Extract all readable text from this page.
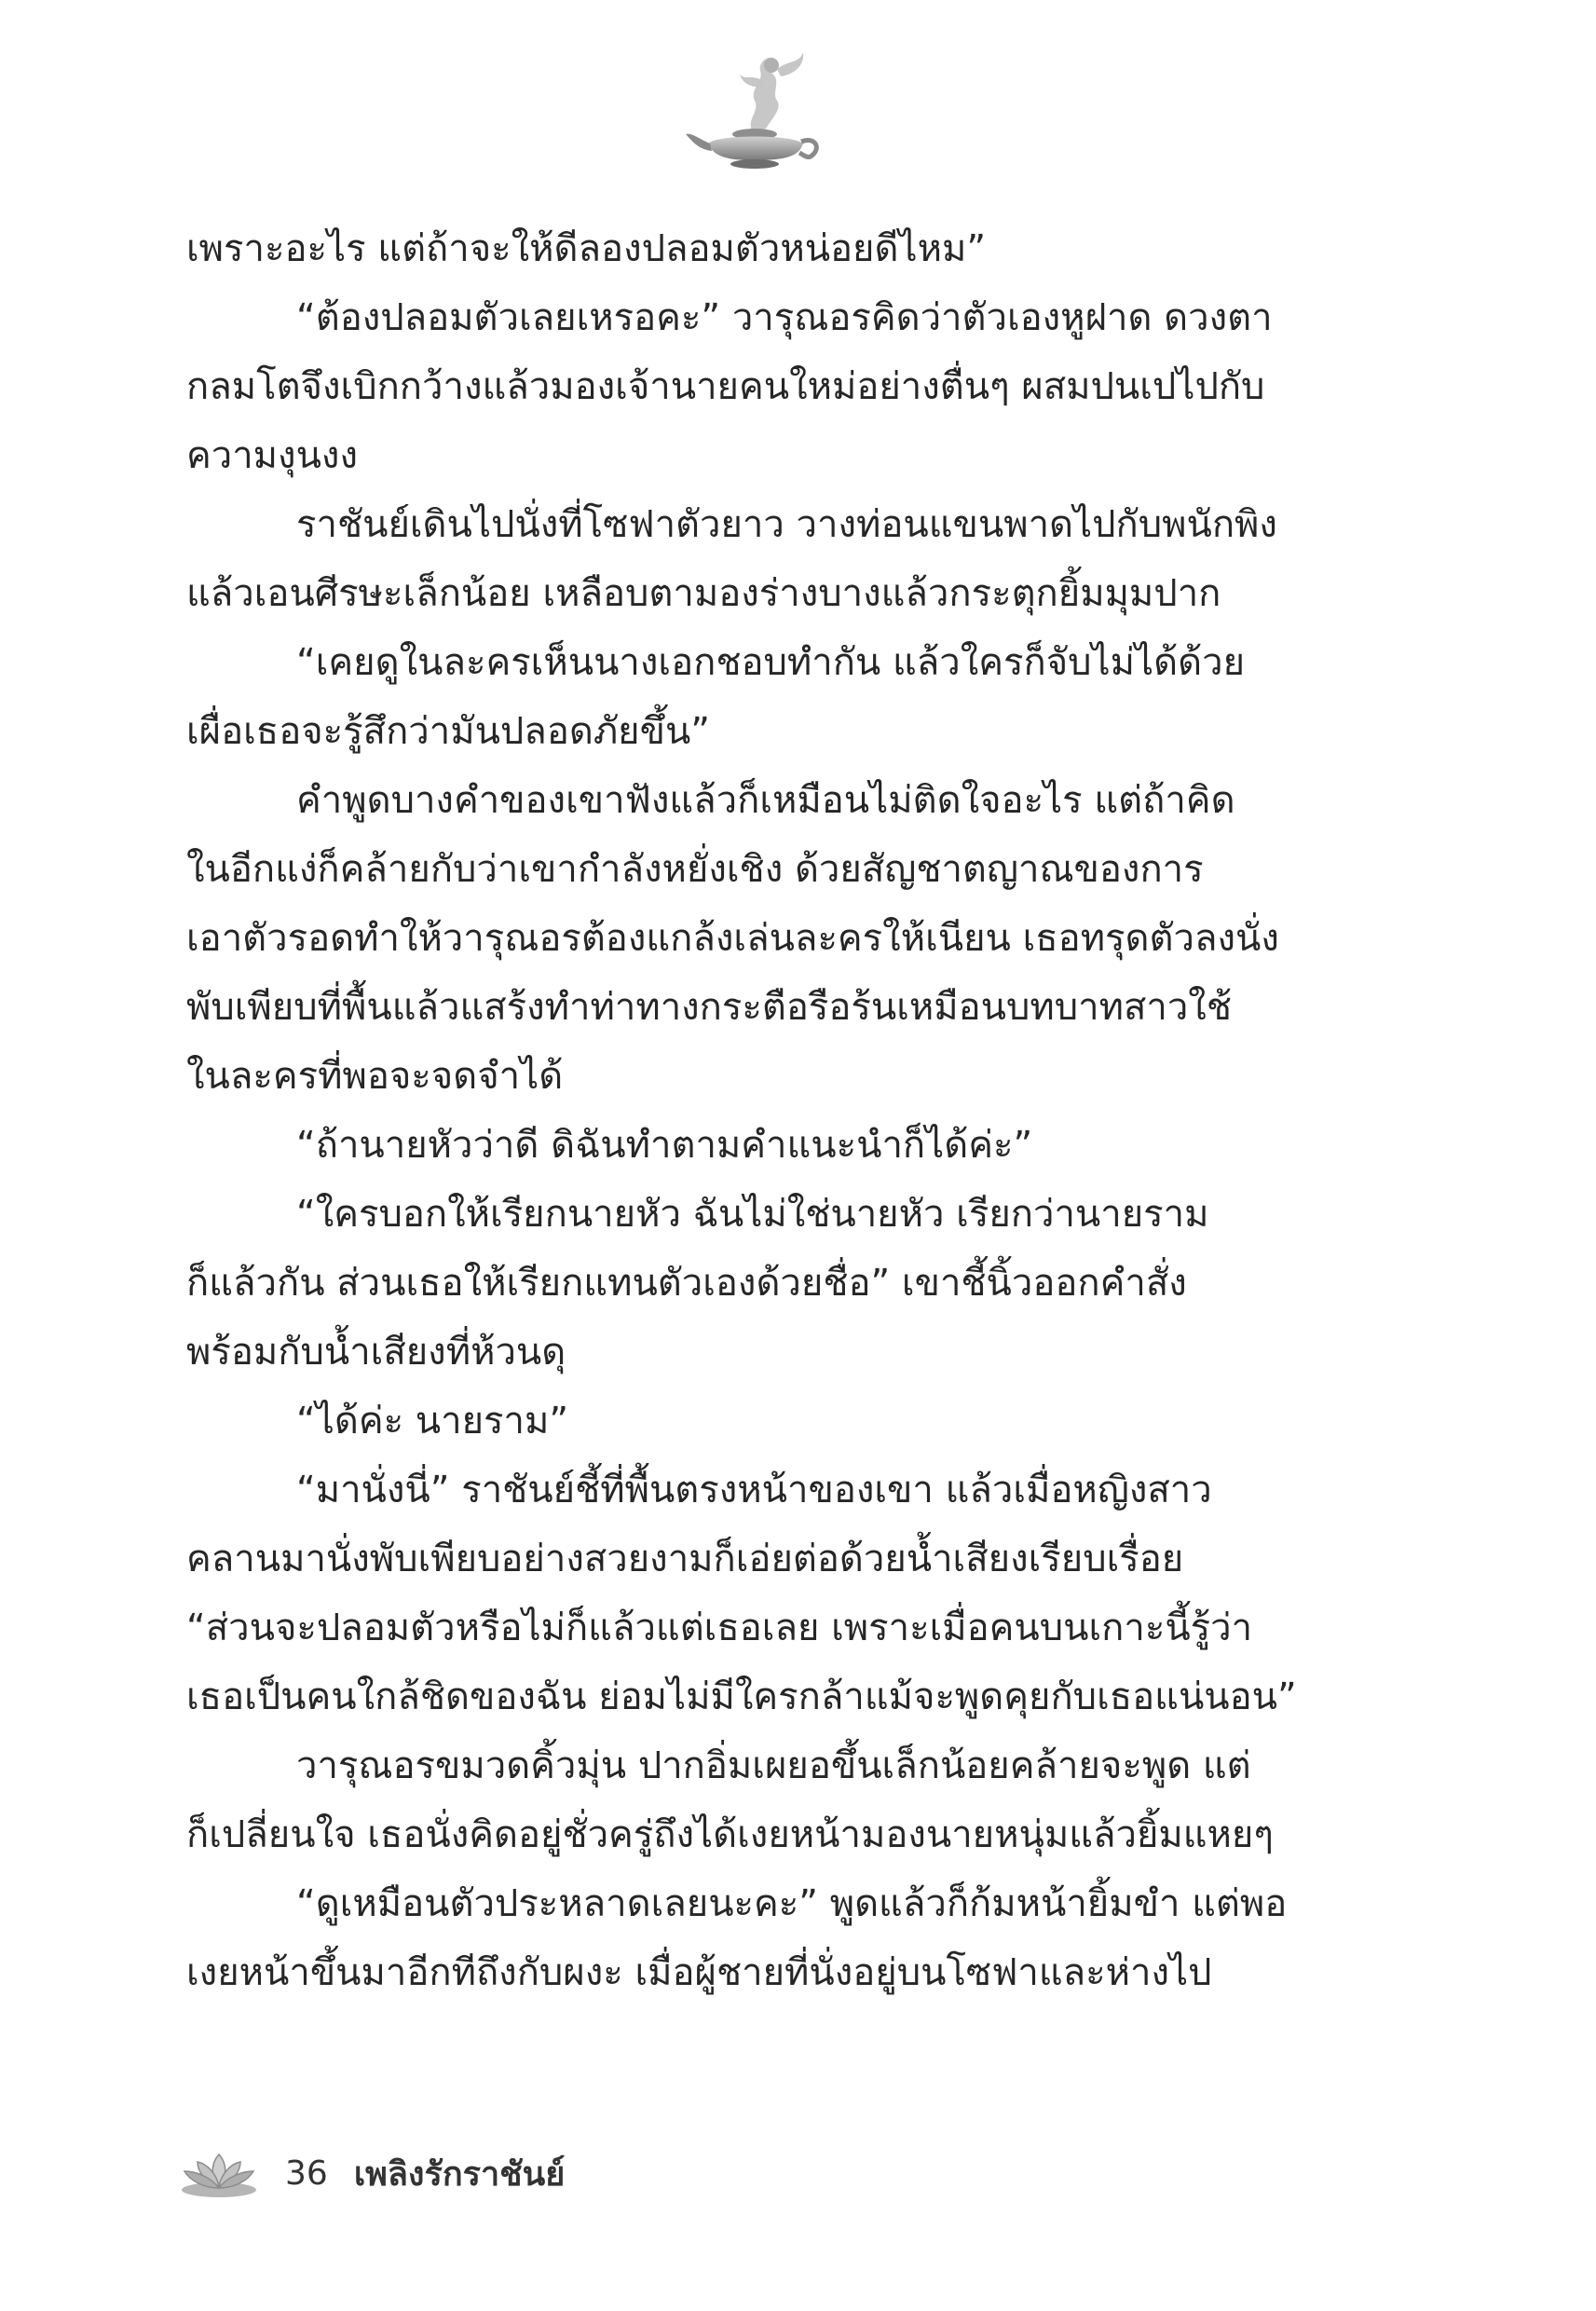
เพราะอะไร แต่ถ้าจะให้ดีลองปลอมตัวหน่อยดีไหม”
“ต้องปลอมตัวเลยเหรอคะ” วารุณอรคิดว่าตัวเองหูฝาด ดวงตา
กลมโตจึงเบิกกว้างแล้วมองเจ้านายคนใหม่อย่างตื่นๆ ผสมปนเปไปกับ
ความงุนงง
ราชันย์เดินไปนั่งที่โซฟาตัวยาว วางท่อนแขนพาดไปกับพนักพิง
แล้วเอนศีรษะเล็กน้อย เหลือบตามองร่างบางแล้วกระตุกยิ้มมุมปาก
“เคยดูในละครเห็นนางเอกชอบทำกัน แล้วใครก็จับไม่ได้ด้วย
เผื่อเธอจะรู้สึกว่ามันปลอดภัยขึ้น”
คำพูดบางคำของเขาฟังแล้วก็เหมือนไม่ติดใจอะไร แต่ถ้าคิด
ในอีกแง่ก็คล้ายกับว่าเขากำลังหยั่งเชิง ด้วยสัญชาตญาณของการ
เอาตัวรอดทำให้วารุณอรต้องแกล้งเล่นละครให้เนียน เธอทรุดตัวลงนั่ง
พับเพียบที่พื้นแล้วแสร้งทำท่าทางกระตือรือร้นเหมือนบทบาทสาวใช้
ในละครที่พอจะจดจำได้
“ถ้านายหัวว่าดี ดิฉันทำตามคำแนะนำก็ได้ค่ะ”
“ใครบอกให้เรียกนายหัว ฉันไม่ใช่นายหัว เรียกว่านายราม
ก็แล้วกัน ส่วนเธอให้เรียกแทนตัวเองด้วยชื่อ” เขาชี้นิ้วออกคำสั่ง
พร้อมกับน้ำเสียงที่ห้วนดุ
“ได้ค่ะ นายราม”
“มานั่งนี่” ราชันย์ชี้ที่พื้นตรงหน้าของเขา แล้วเมื่อหญิงสาว
คลานมานั่งพับเพียบอย่างสวยงามก็เอ่ยต่อด้วยน้ำเสียงเรียบเรื่อย
“ส่วนจะปลอมตัวหรือไม่ก็แล้วแต่เธอเลย เพราะเมื่อคนบนเกาะนี้รู้ว่า
เธอเป็นคนใกล้ชิดของฉัน ย่อมไม่มีใครกล้าแม้จะพูดคุยกับเธอแน่นอน”
วารุณอรขมวดคิ้วมุ่น ปากอิ่มเผยอขึ้นเล็กน้อยคล้ายจะพูด แต่
ก็เปลี่ยนใจ เธอนั่งคิดอยู่ชั่วครู่ถึงได้เงยหน้ามองนายหนุ่มแล้วยิ้มแหยๆ
“ดูเหมือนตัวประหลาดเลยนะคะ” พูดแล้วก็ก้มหน้ายิ้มขำ แต่พอ
เงยหน้าขึ้นมาอีกทีถึงกับผงะ เมื่อผู้ชายที่นั่งอยู่บนโซฟาและห่างไป
36 เพลิงรักราชันย์
